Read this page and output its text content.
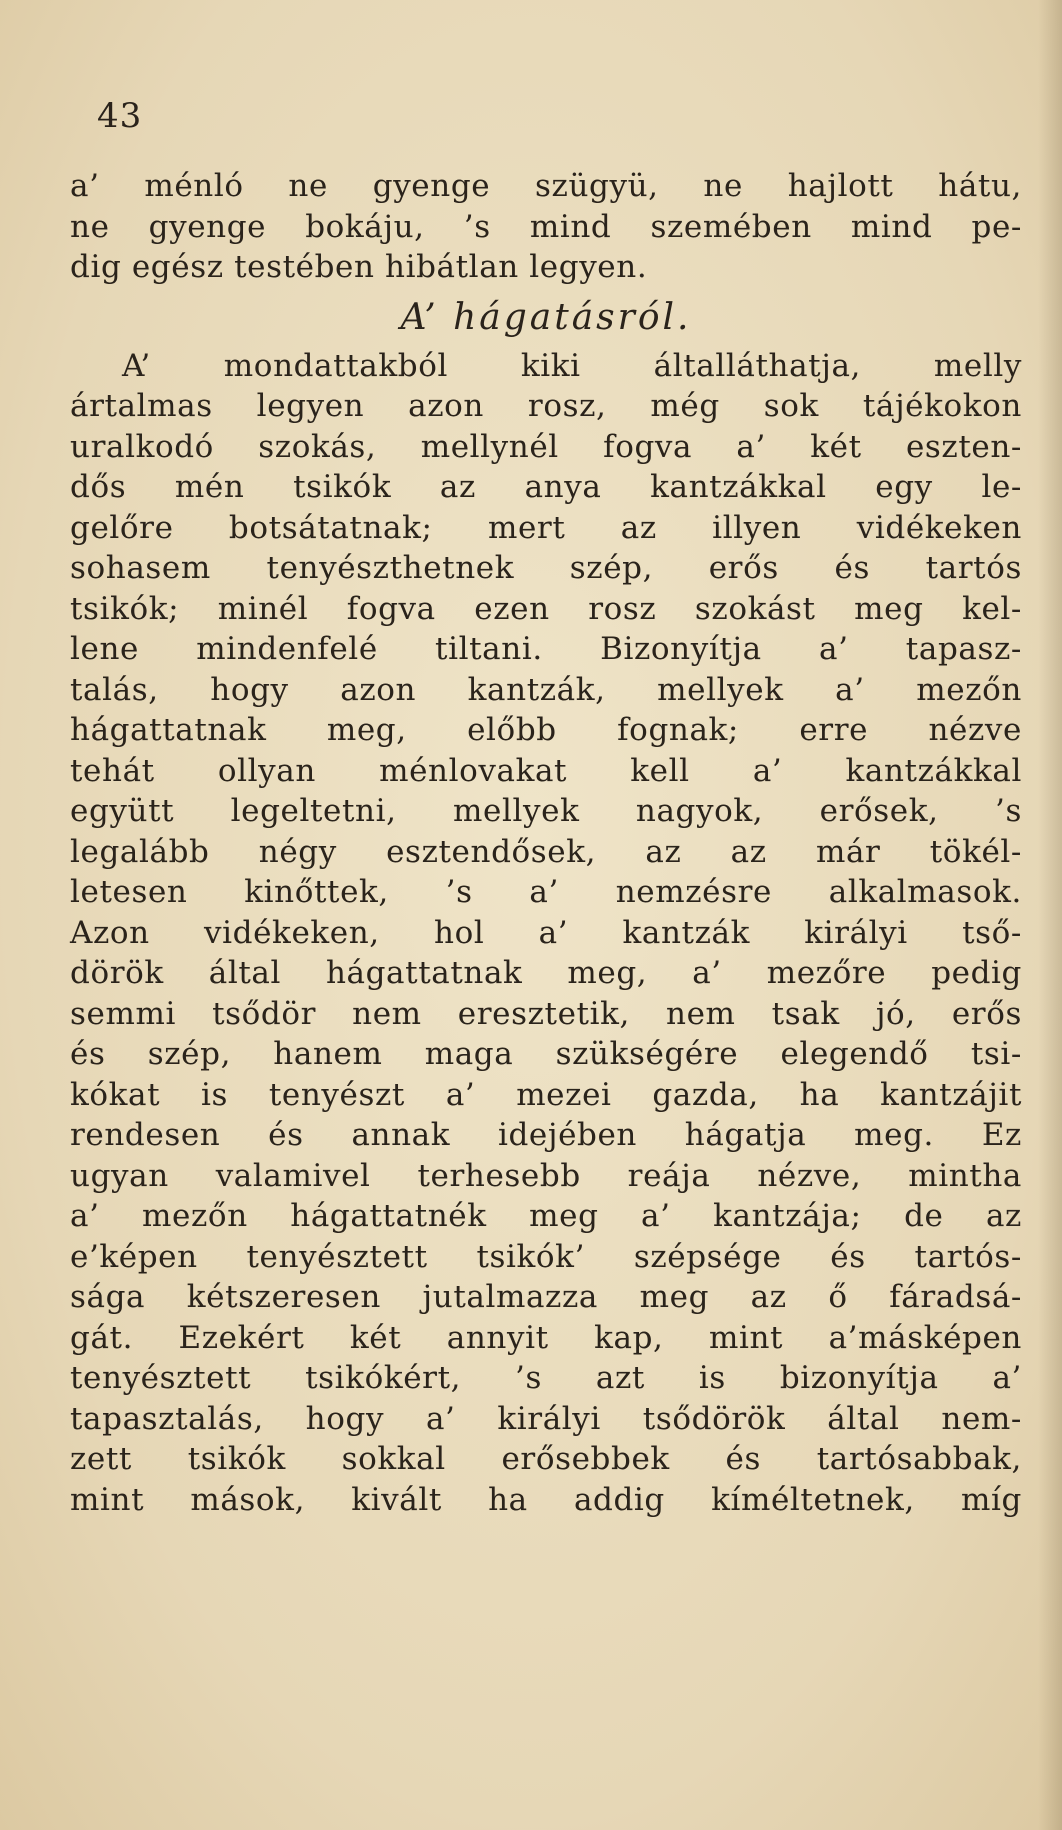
43
a’ ménló ne gyenge szügyü, ne hajlott hátu,
ne gyenge bokáju, ’s mind szemében mind pe-
dig egész testében hibátlan legyen.
A’ hágatásról.
A’ mondattakból kiki általláthatja, melly
ártalmas legyen azon rosz, még sok tájékokon
uralkodó szokás, mellynél fogva a’ két eszten-
dős mén tsikók az anya kantzákkal egy le-
gelőre botsátatnak; mert az illyen vidékeken
sohasem tenyészthetnek szép, erős és tartós
tsikók; minél fogva ezen rosz szokást meg kel-
lene mindenfelé tiltani. Bizonyítja a’ tapasz-
talás, hogy azon kantzák, mellyek a’ mezőn
hágattatnak meg, előbb fognak; erre nézve
tehát ollyan ménlovakat kell a’ kantzákkal
együtt legeltetni, mellyek nagyok, erősek, ’s
legalább négy esztendősek, az az már tökél-
letesen kinőttek, ’s a’ nemzésre alkalmasok.
Azon vidékeken, hol a’ kantzák királyi tső-
dörök által hágattatnak meg, a’ mezőre pedig
semmi tsődör nem eresztetik, nem tsak jó, erős
és szép, hanem maga szükségére elegendő tsi-
kókat is tenyészt a’ mezei gazda, ha kantzájit
rendesen és annak idejében hágatja meg. Ez
ugyan valamivel terhesebb reája nézve, mintha
a’ mezőn hágattatnék meg a’ kantzája; de az
e’képen tenyésztett tsikók’ szépsége és tartós-
sága kétszeresen jutalmazza meg az ő fáradsá-
gát. Ezekért két annyit kap, mint a’másképen
tenyésztett tsikókért, ’s azt is bizonyítja a’
tapasztalás, hogy a’ királyi tsődörök által nem-
zett tsikók sokkal erősebbek és tartósabbak,
mint mások, kivált ha addig kíméltetnek, míg
